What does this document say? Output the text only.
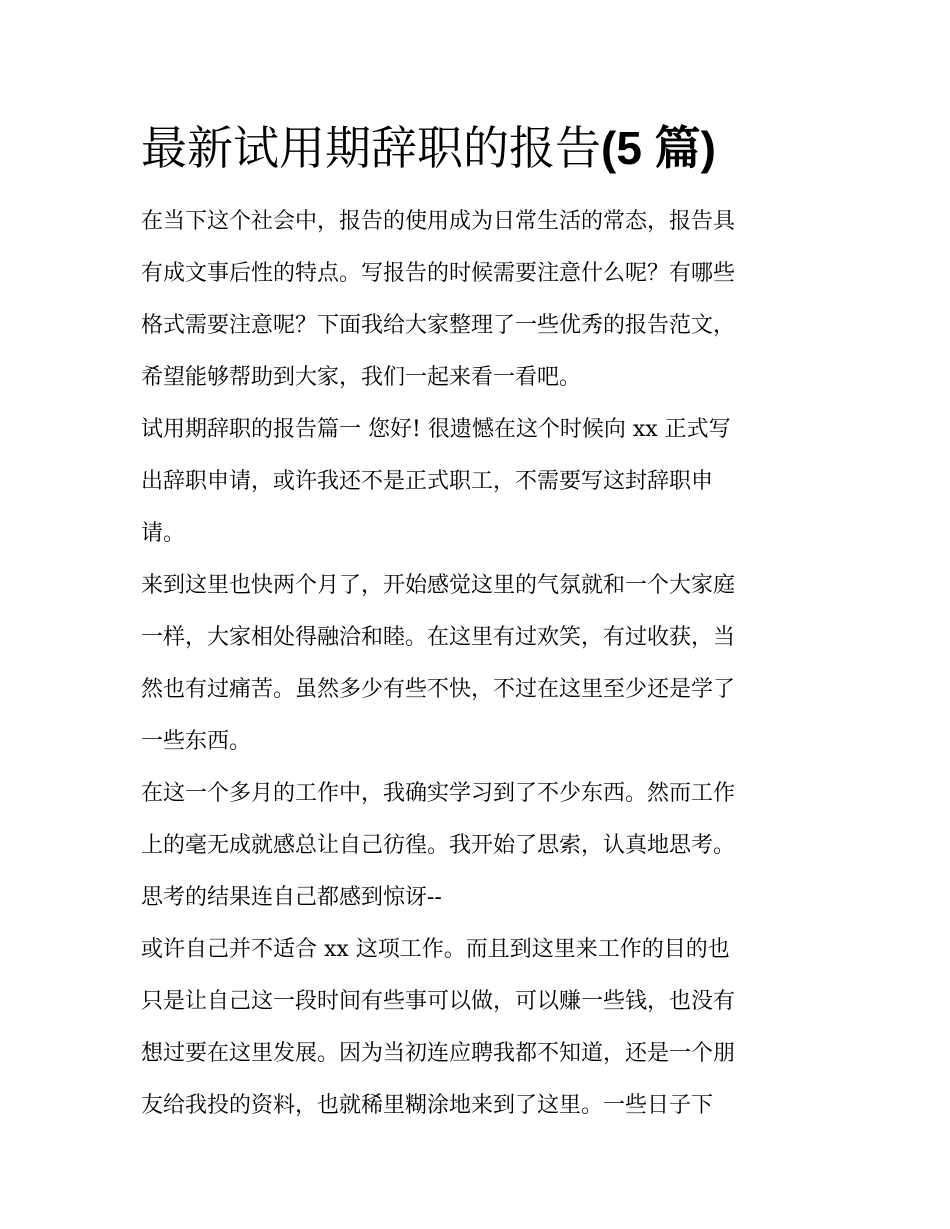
最新试用期辞职的报告(5 篇)
在当下这个社会中，报告的使用成为日常生活的常态，报告具
有成文事后性的特点。写报告的时候需要注意什么呢？有哪些
格式需要注意呢？下面我给大家整理了一些优秀的报告范文，
希望能够帮助到大家，我们一起来看一看吧。
试用期辞职的报告篇一 您好! 很遗憾在这个时候向 xx 正式写
出辞职申请，或许我还不是正式职工，不需要写这封辞职申
请。
来到这里也快两个月了，开始感觉这里的气氛就和一个大家庭
一样，大家相处得融洽和睦。在这里有过欢笑，有过收获，当
然也有过痛苦。虽然多少有些不快，不过在这里至少还是学了
一些东西。
在这一个多月的工作中，我确实学习到了不少东西。然而工作
上的毫无成就感总让自己彷徨。我开始了思索，认真地思考。
思考的结果连自己都感到惊讶--
或许自己并不适合 xx 这项工作。而且到这里来工作的目的也
只是让自己这一段时间有些事可以做，可以赚一些钱，也没有
想过要在这里发展。因为当初连应聘我都不知道，还是一个朋
友给我投的资料，也就稀里糊涂地来到了这里。一些日子下
